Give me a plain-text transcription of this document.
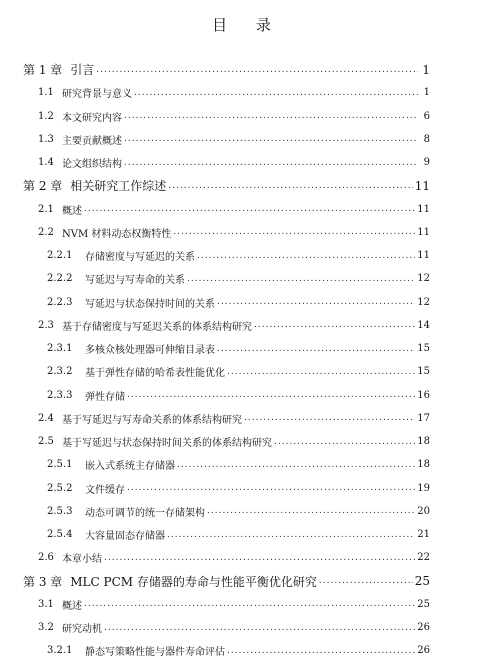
目 录
第 1 章 引言 .....	1
1.1 研究背景与意义 .....	1
1.2 本文研究内容 .....	6
1.3 主要贡献概述 .....	8
1.4 论文组织结构 .....	9
第 2 章 相关研究工作综述 .....	11
2.1 概述 .....	11
2.2 NVM 材料动态权衡特性 .....	11
2.2.1	存储密度与写延迟的关系 .....	11
2.2.2	写延迟与写寿命的关系 .....	12
2.2.3	写延迟与状态保持时间的关系 .....	12
2.3 基于存储密度与写延迟关系的体系结构研究 .....	14
2.3.1	多核众核处理器可伸缩目录表 .....	15
2.3.2	基于弹性存储的哈希表性能优化 .....	15
2.3.3	弹性存储 .....	16
2.4 基于写延迟与写寿命关系的体系结构研究 .....	17
2.5 基于写延迟与状态保持时间关系的体系结构研究 .....	18
2.5.1	嵌入式系统主存储器 .....	18
2.5.2	文件缓存 .....	19
2.5.3	动态可调节的统一存储架构 .....	20
2.5.4	大容量固态存储器 .....	21
2.6 本章小结 .....	22
第 3 章 MLC PCM 存储器的寿命与性能平衡优化研究 .....	25
3.1 概述 .....	25
3.2 研究动机 .....	26
3.2.1	静态写策略性能与器件寿命评估 .....	26
